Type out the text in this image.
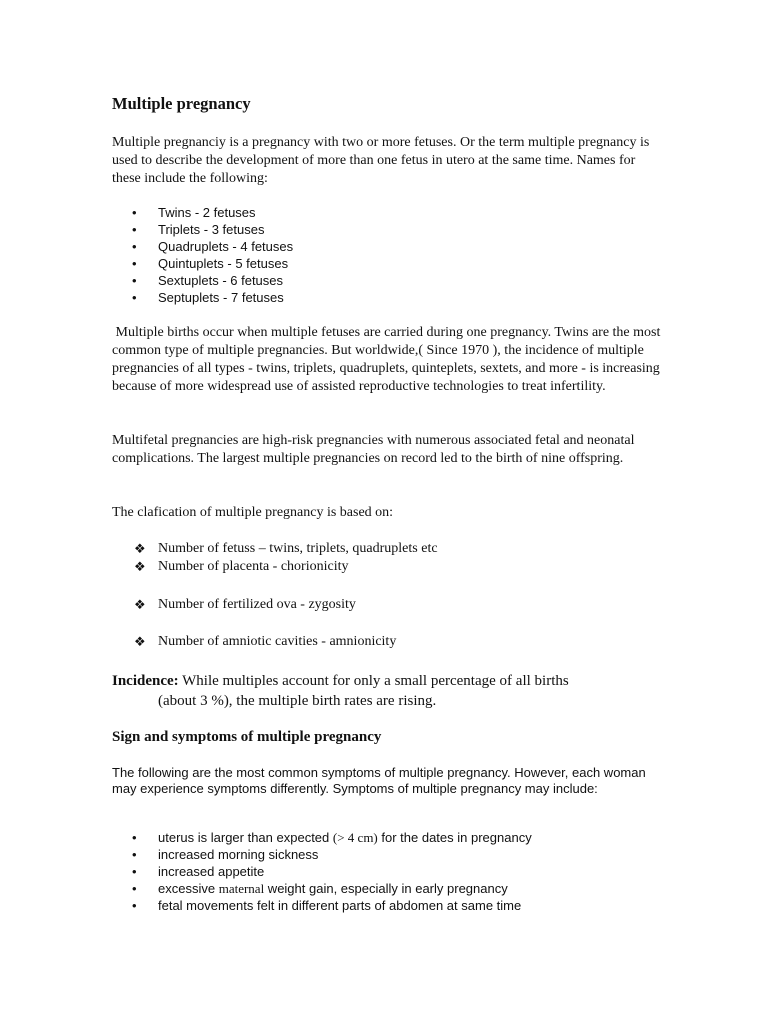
Multiple pregnancy

Multiple pregnanciy is a pregnancy with two or more fetuses. Or the term multiple pregnancy is used to describe the development of more than one fetus in utero at the same time. Names for these include the following:

• Twins - 2 fetuses
• Triplets - 3 fetuses
• Quadruplets - 4 fetuses
• Quintuplets - 5 fetuses
• Sextuplets - 6 fetuses
• Septuplets - 7 fetuses

Multiple births occur when multiple fetuses are carried during one pregnancy. Twins are the most common type of multiple pregnancies. But worldwide,( Since 1970 ), the incidence of multiple pregnancies of all types - twins, triplets, quadruplets, quinteplets, sextets, and more - is increasing because of more widespread use of assisted reproductive technologies to treat infertility.

Multifetal pregnancies are high-risk pregnancies with numerous associated fetal and neonatal complications. The largest multiple pregnancies on record led to the birth of nine offspring.

The clafication of multiple pregnancy is based on:

❖ Number of fetuss – twins, triplets, quadruplets etc
❖ Number of placenta - chorionicity
❖ Number of fertilized ova - zygosity
❖ Number of amniotic cavities - amnionicity

Incidence: While multiples account for only a small percentage of all births
(about 3 %), the multiple birth rates are rising.

Sign and symptoms of multiple pregnancy

The following are the most common symptoms of multiple pregnancy. However, each woman may experience symptoms differently. Symptoms of multiple pregnancy may include:

• uterus is larger than expected (> 4 cm) for the dates in pregnancy
• increased morning sickness
• increased appetite
• excessive maternal weight gain, especially in early pregnancy
• fetal movements felt in different parts of abdomen at same time
